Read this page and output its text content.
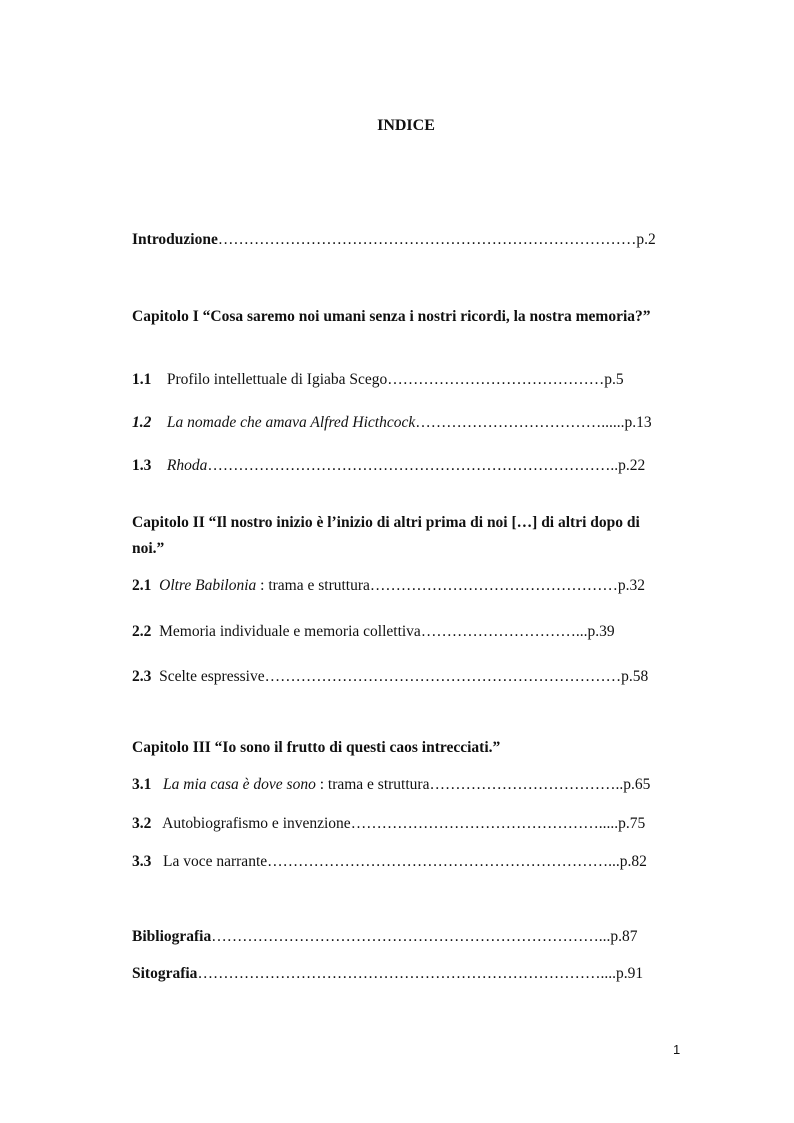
INDICE
Introduzione………………………………………………………………………p.2
Capitolo I “Cosa saremo noi umani senza i nostri ricordi, la nostra memoria?”
1.1 Profilo intellettuale di Igiaba Scego……………………………………p.5
1.2 La nomade che amava Alfred Hicthcock………………………………......p.13
1.3 Rhoda……………………………………………………………………..p.22
Capitolo II “Il nostro inizio è l’inizio di altri prima di noi […] di altri dopo di noi.”
2.1 Oltre Babilonia : trama e struttura…………………………………………p.32
2.2 Memoria individuale e memoria collettiva…………………………...p.39
2.3 Scelte espressive……………………………………………………………p.58
Capitolo III “Io sono il frutto di questi caos intrecciati.”
3.1 La mia casa è dove sono : trama e struttura………………………………..p.65
3.2 Autobiografismo e invenzione………………………………………….....p.75
3.3 La voce narrante…………………………………………………………...p.82
Bibliografia…………………………………………………………………...p.87
Sitografia……………………………………………………………………....p.91
1
